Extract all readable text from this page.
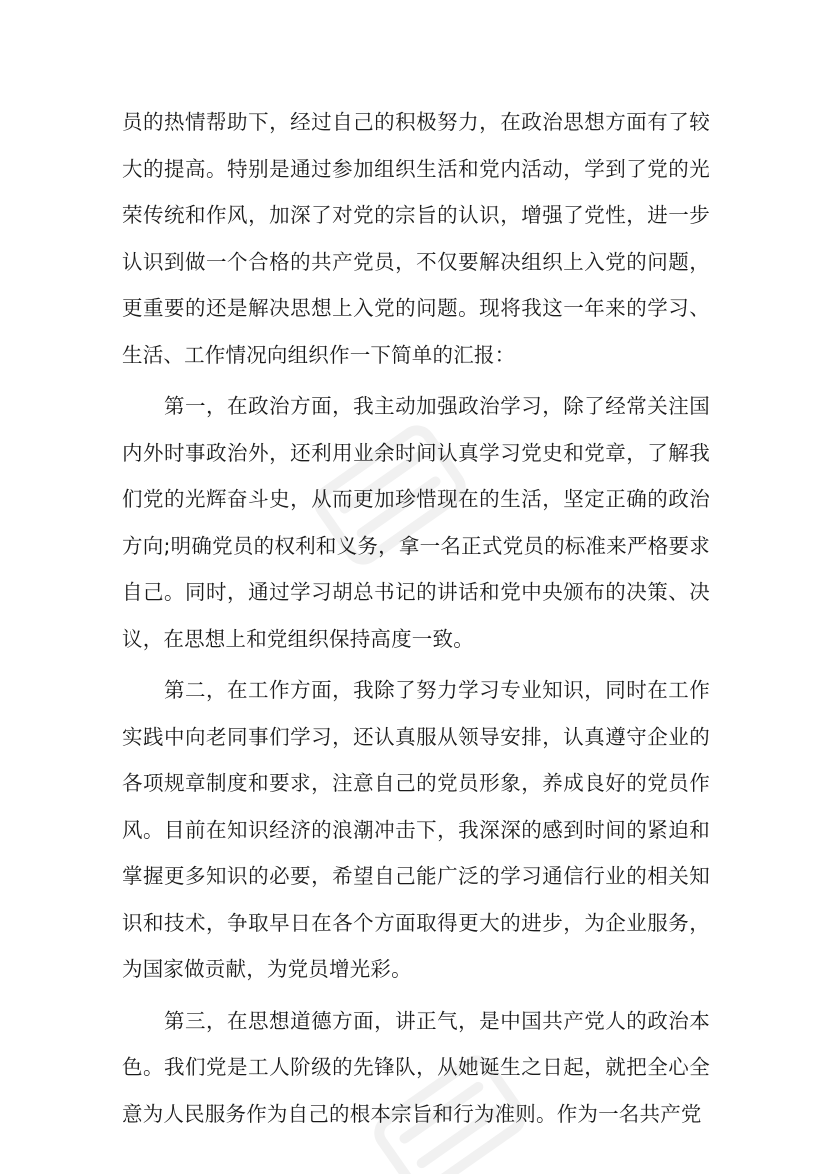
员的热情帮助下，经过自己的积极努力，在政治思想方面有了较大的提高。特别是通过参加组织生活和党内活动，学到了党的光荣传统和作风，加深了对党的宗旨的认识，增强了党性，进一步认识到做一个合格的共产党员，不仅要解决组织上入党的问题，更重要的还是解决思想上入党的问题。现将我这一年来的学习、生活、工作情况向组织作一下简单的汇报：

第一，在政治方面，我主动加强政治学习，除了经常关注国内外时事政治外，还利用业余时间认真学习党史和党章，了解我们党的光辉奋斗史，从而更加珍惜现在的生活，坚定正确的政治方向;明确党员的权利和义务，拿一名正式党员的标准来严格要求自己。同时，通过学习胡总书记的讲话和党中央颁布的决策、决议，在思想上和党组织保持高度一致。

第二，在工作方面，我除了努力学习专业知识，同时在工作实践中向老同事们学习，还认真服从领导安排，认真遵守企业的各项规章制度和要求，注意自己的党员形象，养成良好的党员作风。目前在知识经济的浪潮冲击下，我深深的感到时间的紧迫和掌握更多知识的必要，希望自己能广泛的学习通信行业的相关知识和技术，争取早日在各个方面取得更大的进步，为企业服务，为国家做贡献，为党员增光彩。

第三，在思想道德方面，讲正气，是中国共产党人的政治本色。我们党是工人阶级的先锋队，从她诞生之日起，就把全心全意为人民服务作为自己的根本宗旨和行为准则。作为一名共产党
